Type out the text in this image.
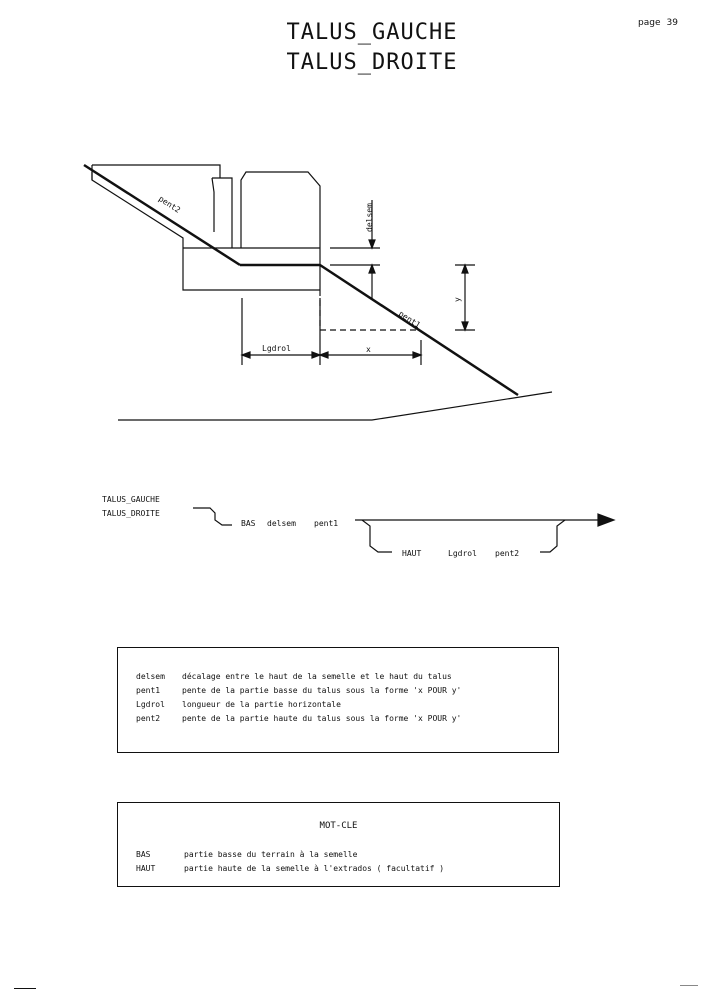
TALUS_GAUCHE
TALUS_DROITE
page 39
pent2
pent1
delsem
y
Lgdrol	x
TALUS_GAUCHE
TALUS_DROITE
BAS delsem pent1
HAUT	Lgdrol pent2
delsem décalage entre le haut de la semelle et le haut du talus
pent1	pente de la partie basse du talus sous la forme 'x POUR y'
Lgdrol longueur de la partie horizontale
pent2	pente de la partie haute du talus sous la forme 'x POUR y'
MOT-CLE
BAS	partie basse du terrain à la semelle
HAUT	partie haute de la semelle à l'extrados ( facultatif )
